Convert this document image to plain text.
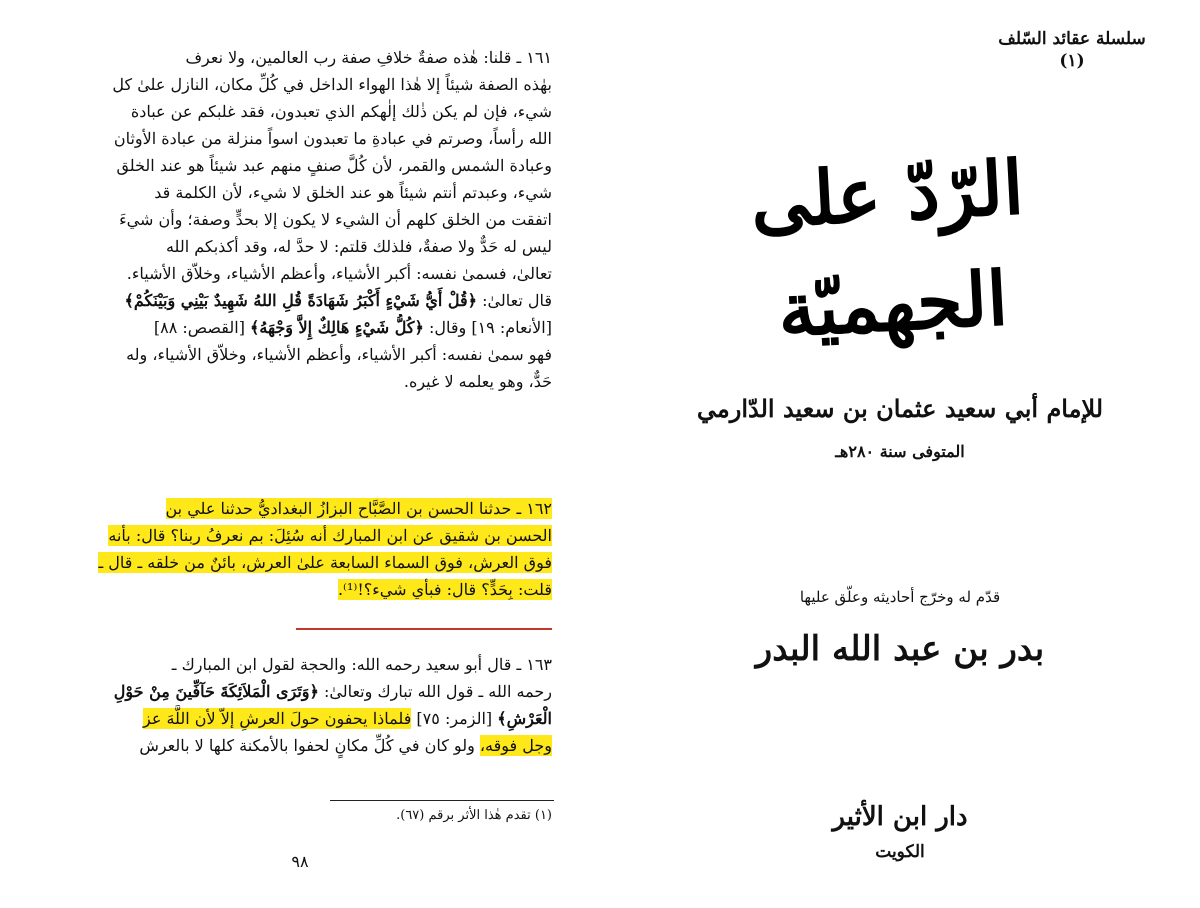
١٦١ ـ قلنا: هٰذه صفةٌ خلافِ صفة رب العالمين، ولا نعرف
بهٰذه الصفة شيئاً إلا هٰذا الهواء الداخل في كُلِّ مكان، النازل علىٰ كل
شيء، فإن لم يكن ذٰلك إلٰهكم الذي تعبدون، فقد غلبكم عن عبادة
الله رأساً، وصرتم في عبادةِ ما تعبدون اسواً منزلة من عبادة الأوثان
وعبادة الشمس والقمر، لأن كُلَّ صنفٍ منهم عبد شيئاً هو عند الخلق
شيء، وعبدتم أنتم شيئاً هو عند الخلق لا شيء، لأن الكلمة قد
اتفقت من الخلق كلهم أن الشيء لا يكون إلا بحدٍّ وصفة؛ وأن شيءَ
ليس له حَدٌّ ولا صفةٌ، فلذلك قلتم: لا حدَّ له، وقد أكذبكم الله
تعالىٰ، فسمىٰ نفسه: أكبر الأشياء، وأعظم الأشياء، وخلاّق الأشياء.
قال تعالىٰ: ﴿قُلْ أَيُّ شَيْءٍ أَكْبَرُ شَهَادَةً قُلِ اللهُ شَهِيدٌ بَيْنِي وَبَيْنَكُمْ﴾
[الأنعام: ١٩] وقال: ﴿كُلُّ شَيْءٍ هَالِكٌ إِلاَّ وَجْهَهُ﴾ [القصص: ٨٨]
فهو سمىٰ نفسه: أكبر الأشياء، وأعظم الأشياء، وخلاّق الأشياء، وله
حَدٌّ، وهو يعلمه لا غيره.
١٦٢ ـ حدثنا الحسن بن الصَّبَّاح البزازُ البغداديُّ حدثنا علي بن
الحسن بن شقيق عن ابن المبارك أنه سُئِلَ: بم نعرفُ ربنا؟ قال: بأنه
فوق العرش، فوق السماء السابعة علىٰ العرش، بائنٌ من خلقه ـ قال ـ
قلت: بِحَدٍّ؟ قال: فبأي شيء؟!⁽¹⁾.
١٦٣ ـ قال أبو سعيد رحمه الله: والحجة لقول ابن المبارك ـ
رحمه الله ـ قول الله تبارك وتعالىٰ: ﴿وَتَرَى الْمَلاَئِكَةَ حَآفِّينَ مِنْ حَوْلِ
الْعَرْشِ﴾ [الزمر: ٧٥] فلماذا يحفون حولَ العرشِ إلاّ لأن اللَّهَ عز
وجل فوقه، ولو كان في كُلِّ مكانٍ لحفوا بالأمكنة كلها لا بالعرش
(١) تقدم هٰذا الأثر برقم (٦٧).
٩٨
سلسلة عقائد السّلف
(١)
الرّدّ على الجهميّة
للإمام أبي سعيد عثمان بن سعيد الدّارمي
المتوفى سنة ٢٨٠هـ
قدّم له وخرّج أحاديثه وعلّق عليها
بدر بن عبد الله البدر
دار ابن الأثير
الكويت
